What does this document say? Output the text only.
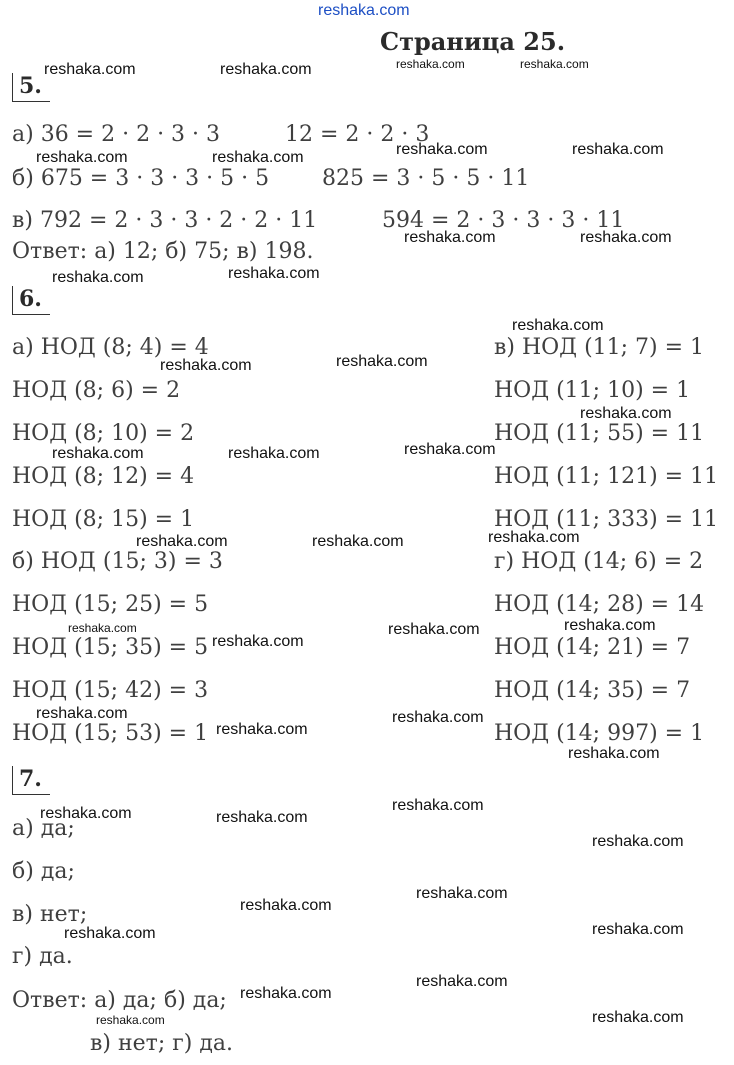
reshaka.com
Страница 25.
5.
а) 36 = 2 · 2 · 3 · 3	12 = 2 · 2 · 3
б) 675 = 3 · 3 · 3 · 5 · 5 825 = 3 · 5 · 5 · 11
в) 792 = 2 · 3 · 3 · 2 · 2 · 11	594 = 2 · 3 · 3 · 3 · 11
Ответ: а) 12; б) 75; в) 198.
6.
а) НОД (8; 4) = 4
НОД (8; 6) = 2
НОД (8; 10) = 2
НОД (8; 12) = 4
НОД (8; 15) = 1
б) НОД (15; 3) = 3
НОД (15; 25) = 5
НОД (15; 35) = 5
НОД (15; 42) = 3
НОД (15; 53) = 1
в) НОД (11; 7) = 1
НОД (11; 10) = 1
НОД (11; 55) = 11
НОД (11; 121) = 11
НОД (11; 333) = 11
г) НОД (14; 6) = 2
НОД (14; 28) = 14
НОД (14; 21) = 7
НОД (14; 35) = 7
НОД (14; 997) = 1
7.
а) да;
б) да;
в) нет;
г) да.
Ответ: а) да; б) да;
в) нет; г) да.
reshaka.com	reshaka.com	reshaka.com	reshaka.com
reshaka.com	reshaka.com	reshaka.com	reshaka.com
reshaka.com	reshaka.com
reshaka.com	reshaka.com
reshaka.com
reshaka.com	reshaka.com
reshaka.com
reshaka.com	reshaka.com	reshaka.com
reshaka.com	reshaka.com	reshaka.com
reshaka.com
reshaka.com
reshaka.com	reshaka.com
reshaka.com
reshaka.com
reshaka.com
reshaka.com
reshaka.com
reshaka.com	reshaka.com
reshaka.com
reshaka.com
reshaka.com
reshaka.com	reshaka.com
reshaka.com
reshaka.com
reshaka.com	reshaka.com
